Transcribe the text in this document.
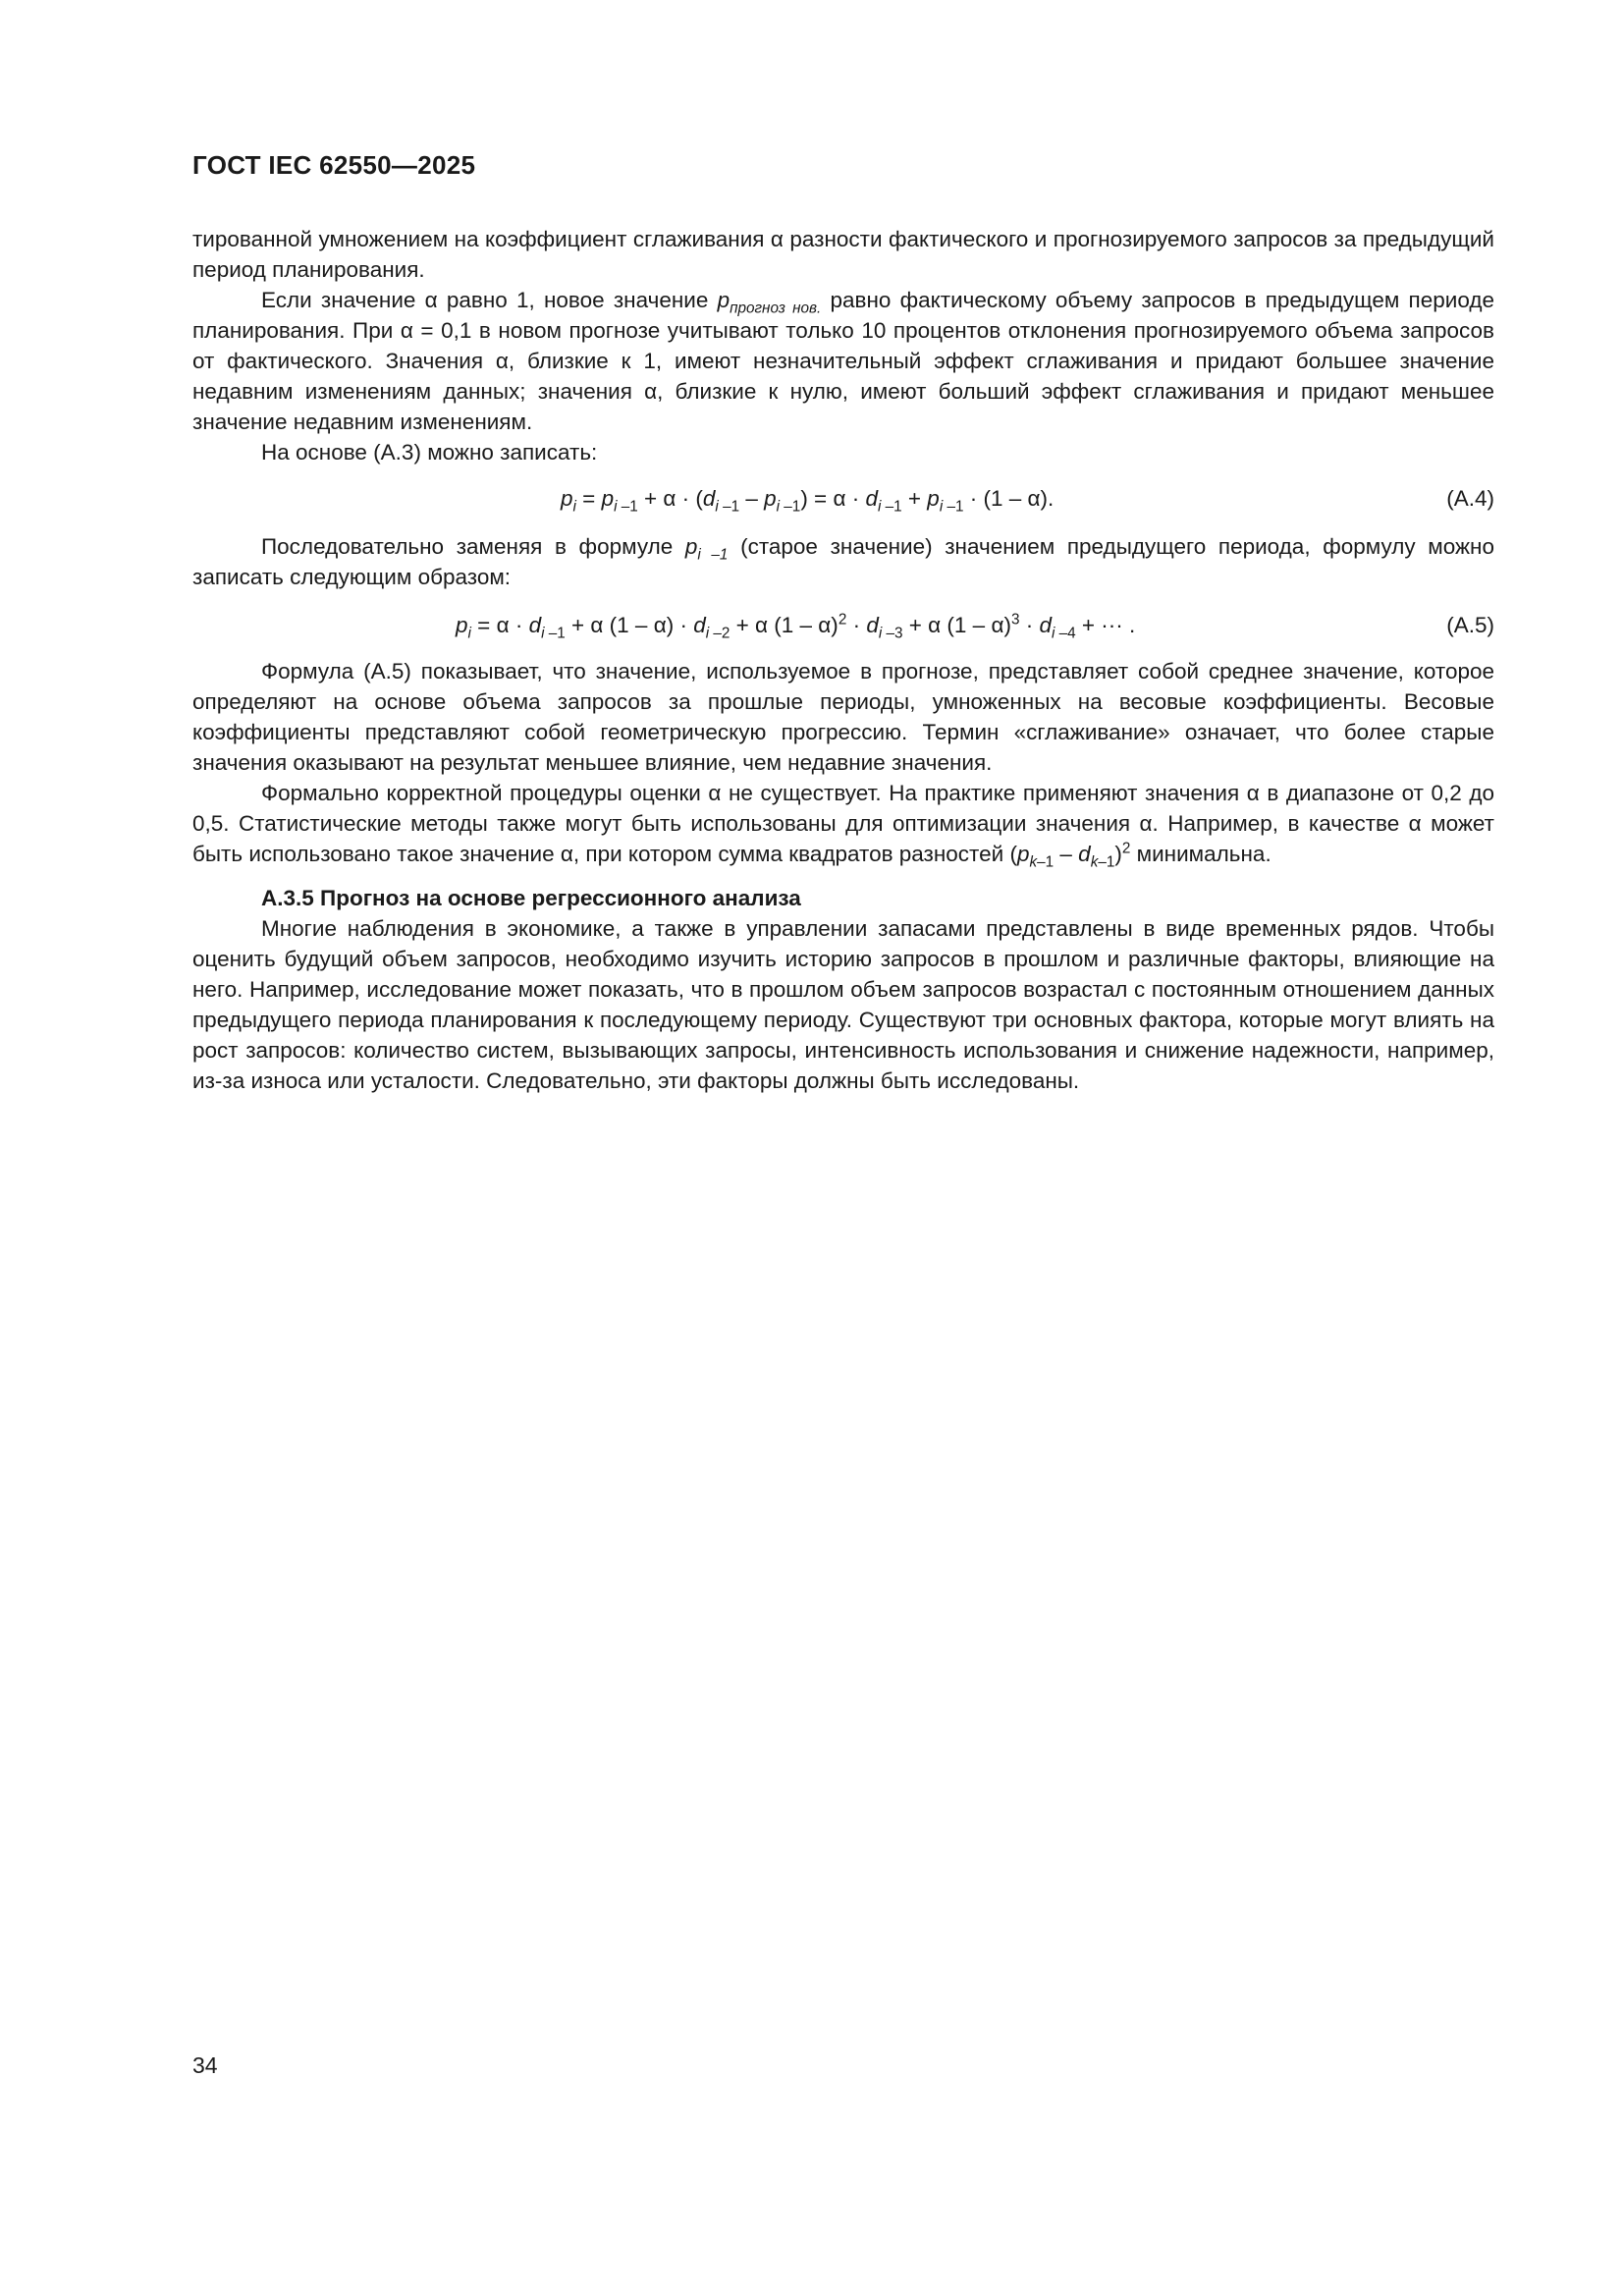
ГОСТ IEC 62550—2025

тированной умножением на коэффициент сглаживания α разности фактического и прогнозируемого запросов за предыдущий период планирования.

Если значение α равно 1, новое значение $p_{прогноз нов.}$ равно фактическому объему запросов в предыдущем периоде планирования. При α = 0,1 в новом прогнозе учитывают только 10 процентов отклонения прогнозируемого объема запросов от фактического. Значения α, близкие к 1, имеют незначительный эффект сглаживания и придают большее значение недавним изменениям данных; значения α, близкие к нулю, имеют больший эффект сглаживания и придают меньшее значение недавним изменениям.

На основе (А.3) можно записать:

$p_i = p_{i -1} + \alpha \cdot (d_{i -1} - p_{i -1}) = \alpha \cdot d_{i -1} + p_{i -1} \cdot (1 - \alpha)$.	(А.4)

Последовательно заменяя в формуле $p_{i -1}$ (старое значение) значением предыдущего периода, формулу можно записать следующим образом:

$p_i = \alpha \cdot d_{i -1} + \alpha$ $(1 - \alpha) \cdot d_{i -2} + \alpha$ $(1 - \alpha)^2 \cdot d_{i -3} + \alpha$ $(1 - \alpha)^3 \cdot d_{i -4}$ + ··· .	(А.5)

Формула (А.5) показывает, что значение, используемое в прогнозе, представляет собой среднее значение, которое определяют на основе объема запросов за прошлые периоды, умноженных на весовые коэффициенты. Весовые коэффициенты представляют собой геометрическую прогрессию. Термин «сглаживание» означает, что более старые значения оказывают на результат меньшее влияние, чем недавние значения.

Формально корректной процедуры оценки α не существует. На практике применяют значения α в диапазоне от 0,2 до 0,5. Статистические методы также могут быть использованы для оптимизации значения α. Например, в качестве α может быть использовано такое значение α, при котором сумма квадратов разностей $(p_{k-1} - d_{k-1})^2$ минимальна.

А.3.5 Прогноз на основе регрессионного анализа

Многие наблюдения в экономике, а также в управлении запасами представлены в виде временных рядов. Чтобы оценить будущий объем запросов, необходимо изучить историю запросов в прошлом и различные факторы, влияющие на него. Например, исследование может показать, что в прошлом объем запросов возрастал с постоянным отношением данных предыдущего периода планирования к последующему периоду. Существуют три основных фактора, которые могут влиять на рост запросов: количество систем, вызывающих запросы, интенсивность использования и снижение надежности, например, из-за износа или усталости. Следовательно, эти факторы должны быть исследованы.

34
